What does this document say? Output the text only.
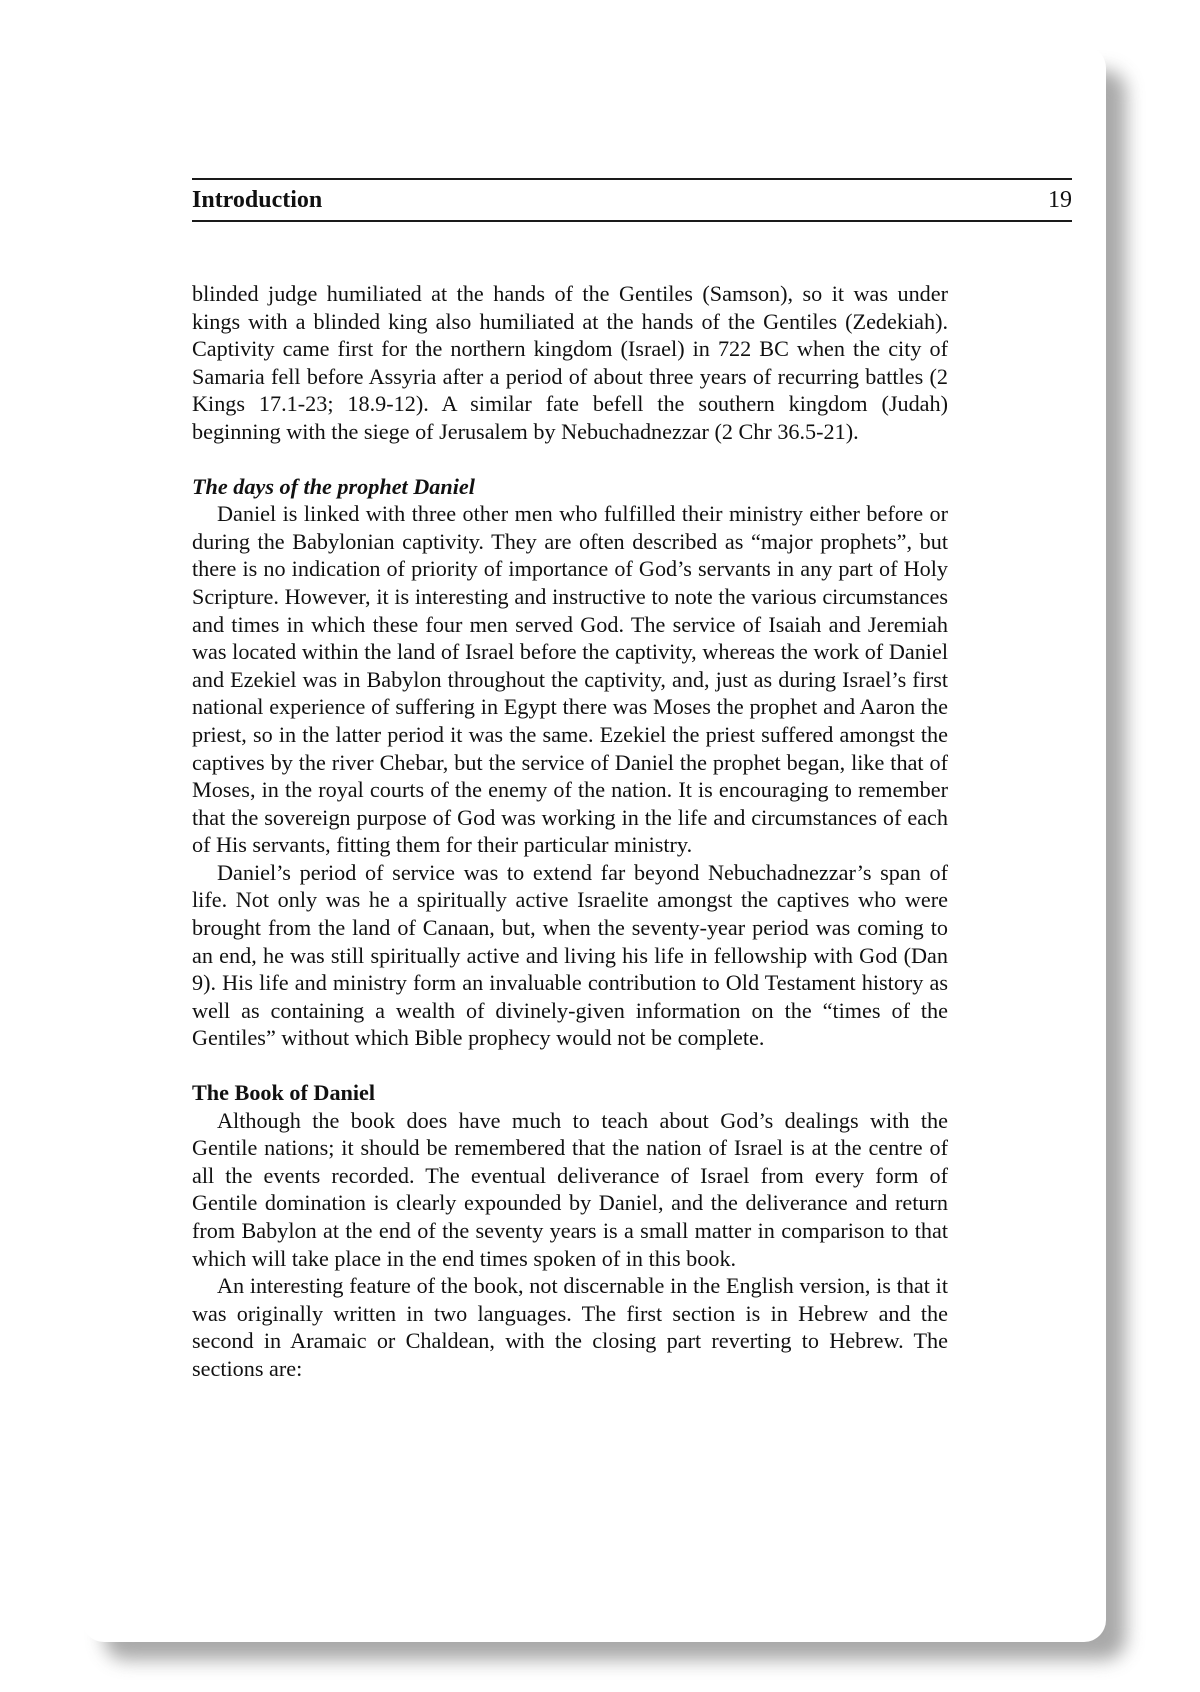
Introduction	19

blinded judge humiliated at the hands of the Gentiles (Samson), so it was under kings with a blinded king also humiliated at the hands of the Gentiles (Zedekiah). Captivity came first for the northern kingdom (Israel) in 722 BC when the city of Samaria fell before Assyria after a period of about three years of recurring battles (2 Kings 17.1-23; 18.9-12). A similar fate befell the southern kingdom (Judah) beginning with the siege of Jerusalem by Nebuchadnezzar (2 Chr 36.5-21).

The days of the prophet Daniel

Daniel is linked with three other men who fulfilled their ministry either before or during the Babylonian captivity. They are often described as “major prophets”, but there is no indication of priority of importance of God’s servants in any part of Holy Scripture. However, it is interesting and instructive to note the various circumstances and times in which these four men served God. The service of Isaiah and Jeremiah was located within the land of Israel before the captivity, whereas the work of Daniel and Ezekiel was in Babylon throughout the captivity, and, just as during Israel’s first national experience of suffering in Egypt there was Moses the prophet and Aaron the priest, so in the latter period it was the same. Ezekiel the priest suffered amongst the captives by the river Chebar, but the service of Daniel the prophet began, like that of Moses, in the royal courts of the enemy of the nation. It is encouraging to remember that the sovereign purpose of God was working in the life and circumstances of each of His servants, fitting them for their particular ministry.

Daniel’s period of service was to extend far beyond Nebuchadnezzar’s span of life. Not only was he a spiritually active Israelite amongst the captives who were brought from the land of Canaan, but, when the seventy-year period was coming to an end, he was still spiritually active and living his life in fellowship with God (Dan 9). His life and ministry form an invaluable contribution to Old Testament history as well as containing a wealth of divinely-given information on the “times of the Gentiles” without which Bible prophecy would not be complete.

The Book of Daniel

Although the book does have much to teach about God’s dealings with the Gentile nations; it should be remembered that the nation of Israel is at the centre of all the events recorded. The eventual deliverance of Israel from every form of Gentile domination is clearly expounded by Daniel, and the deliverance and return from Babylon at the end of the seventy years is a small matter in comparison to that which will take place in the end times spoken of in this book.

An interesting feature of the book, not discernable in the English version, is that it was originally written in two languages. The first section is in Hebrew and the second in Aramaic or Chaldean, with the closing part reverting to Hebrew. The sections are:
